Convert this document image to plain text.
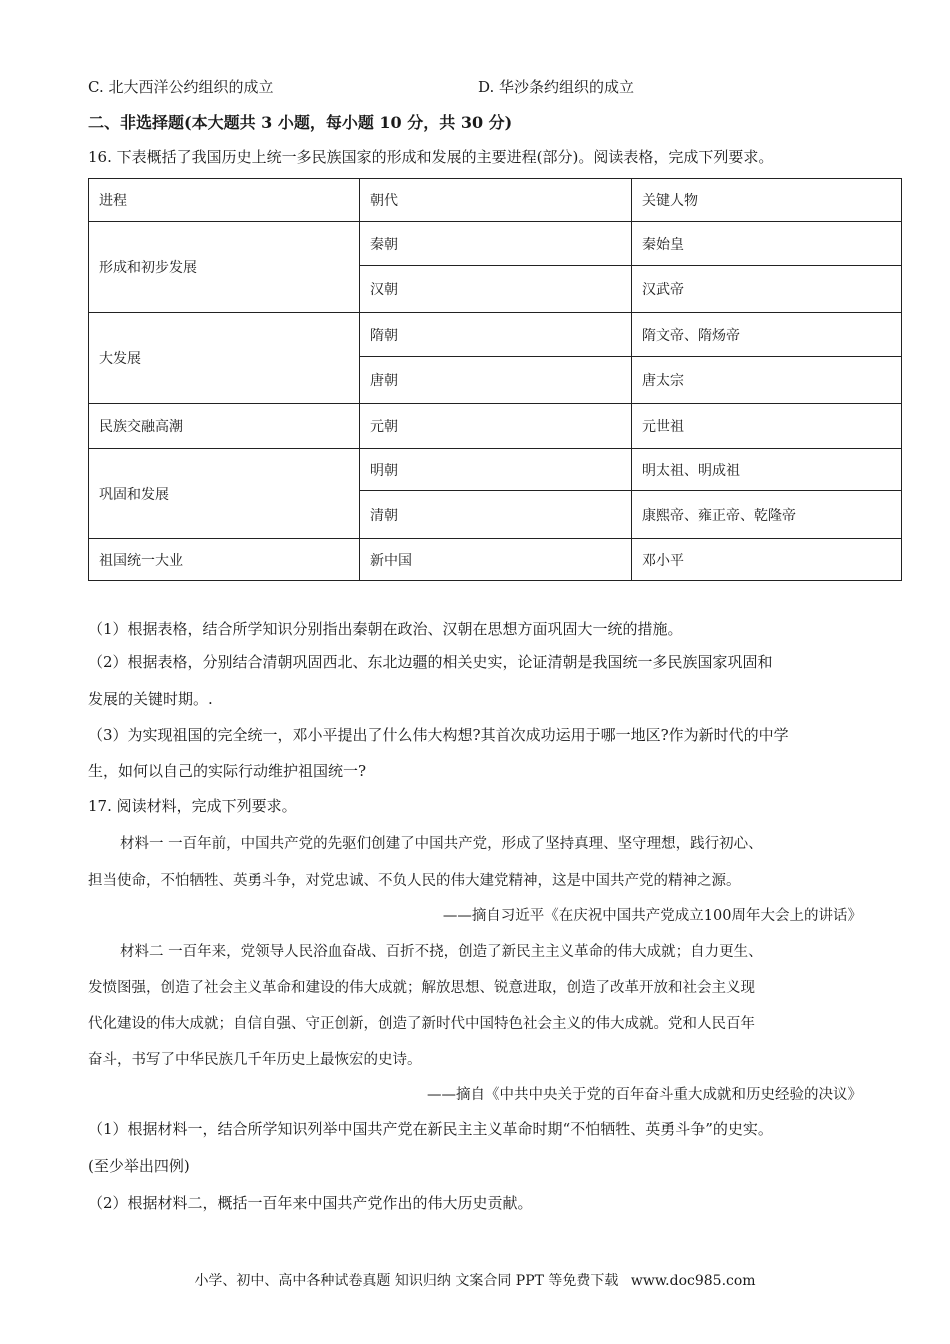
C. 北大西洋公约组织的成立	D. 华沙条约组织的成立
二、非选择题(本大题共 3 小题，每小题 10 分，共 30 分)
16. 下表概括了我国历史上统一多民族国家的形成和发展的主要进程(部分)。阅读表格，完成下列要求。
进程	朝代	关键人物
形成和初步发展	秦朝	秦始皇
	汉朝	汉武帝
大发展	隋朝	隋文帝、隋炀帝
	唐朝	唐太宗
民族交融高潮	元朝	元世祖
巩固和发展	明朝	明太祖、明成祖
	清朝	康熙帝、雍正帝、乾隆帝
祖国统一大业	新中国	邓小平
（1）根据表格，结合所学知识分别指出秦朝在政治、汉朝在思想方面巩固大一统的措施。
（2）根据表格，分别结合清朝巩固西北、东北边疆的相关史实，论证清朝是我国统一多民族国家巩固和
发展的关键时期。.
（3）为实现祖国的完全统一，邓小平提出了什么伟大构想?其首次成功运用于哪一地区?作为新时代的中学
生，如何以自己的实际行动维护祖国统一?
17. 阅读材料，完成下列要求。
材料一 一百年前，中国共产党的先驱们创建了中国共产党，形成了坚持真理、坚守理想，践行初心、
担当使命，不怕牺牲、英勇斗争，对党忠诚、不负人民的伟大建党精神，这是中国共产党的精神之源。
——摘自习近平《在庆祝中国共产党成立100周年大会上的讲话》
材料二 一百年来，党领导人民浴血奋战、百折不挠，创造了新民主主义革命的伟大成就；自力更生、
发愤图强，创造了社会主义革命和建设的伟大成就；解放思想、锐意进取，创造了改革开放和社会主义现
代化建设的伟大成就；自信自强、守正创新，创造了新时代中国特色社会主义的伟大成就。党和人民百年
奋斗，书写了中华民族几千年历史上最恢宏的史诗。
——摘自《中共中央关于党的百年奋斗重大成就和历史经验的决议》
（1）根据材料一，结合所学知识列举中国共产党在新民主主义革命时期“不怕牺牲、英勇斗争”的史实。
(至少举出四例)
（2）根据材料二，概括一百年来中国共产党作出的伟大历史贡献。
小学、初中、高中各种试卷真题 知识归纳 文案合同 PPT 等免费下载 www.doc985.com
